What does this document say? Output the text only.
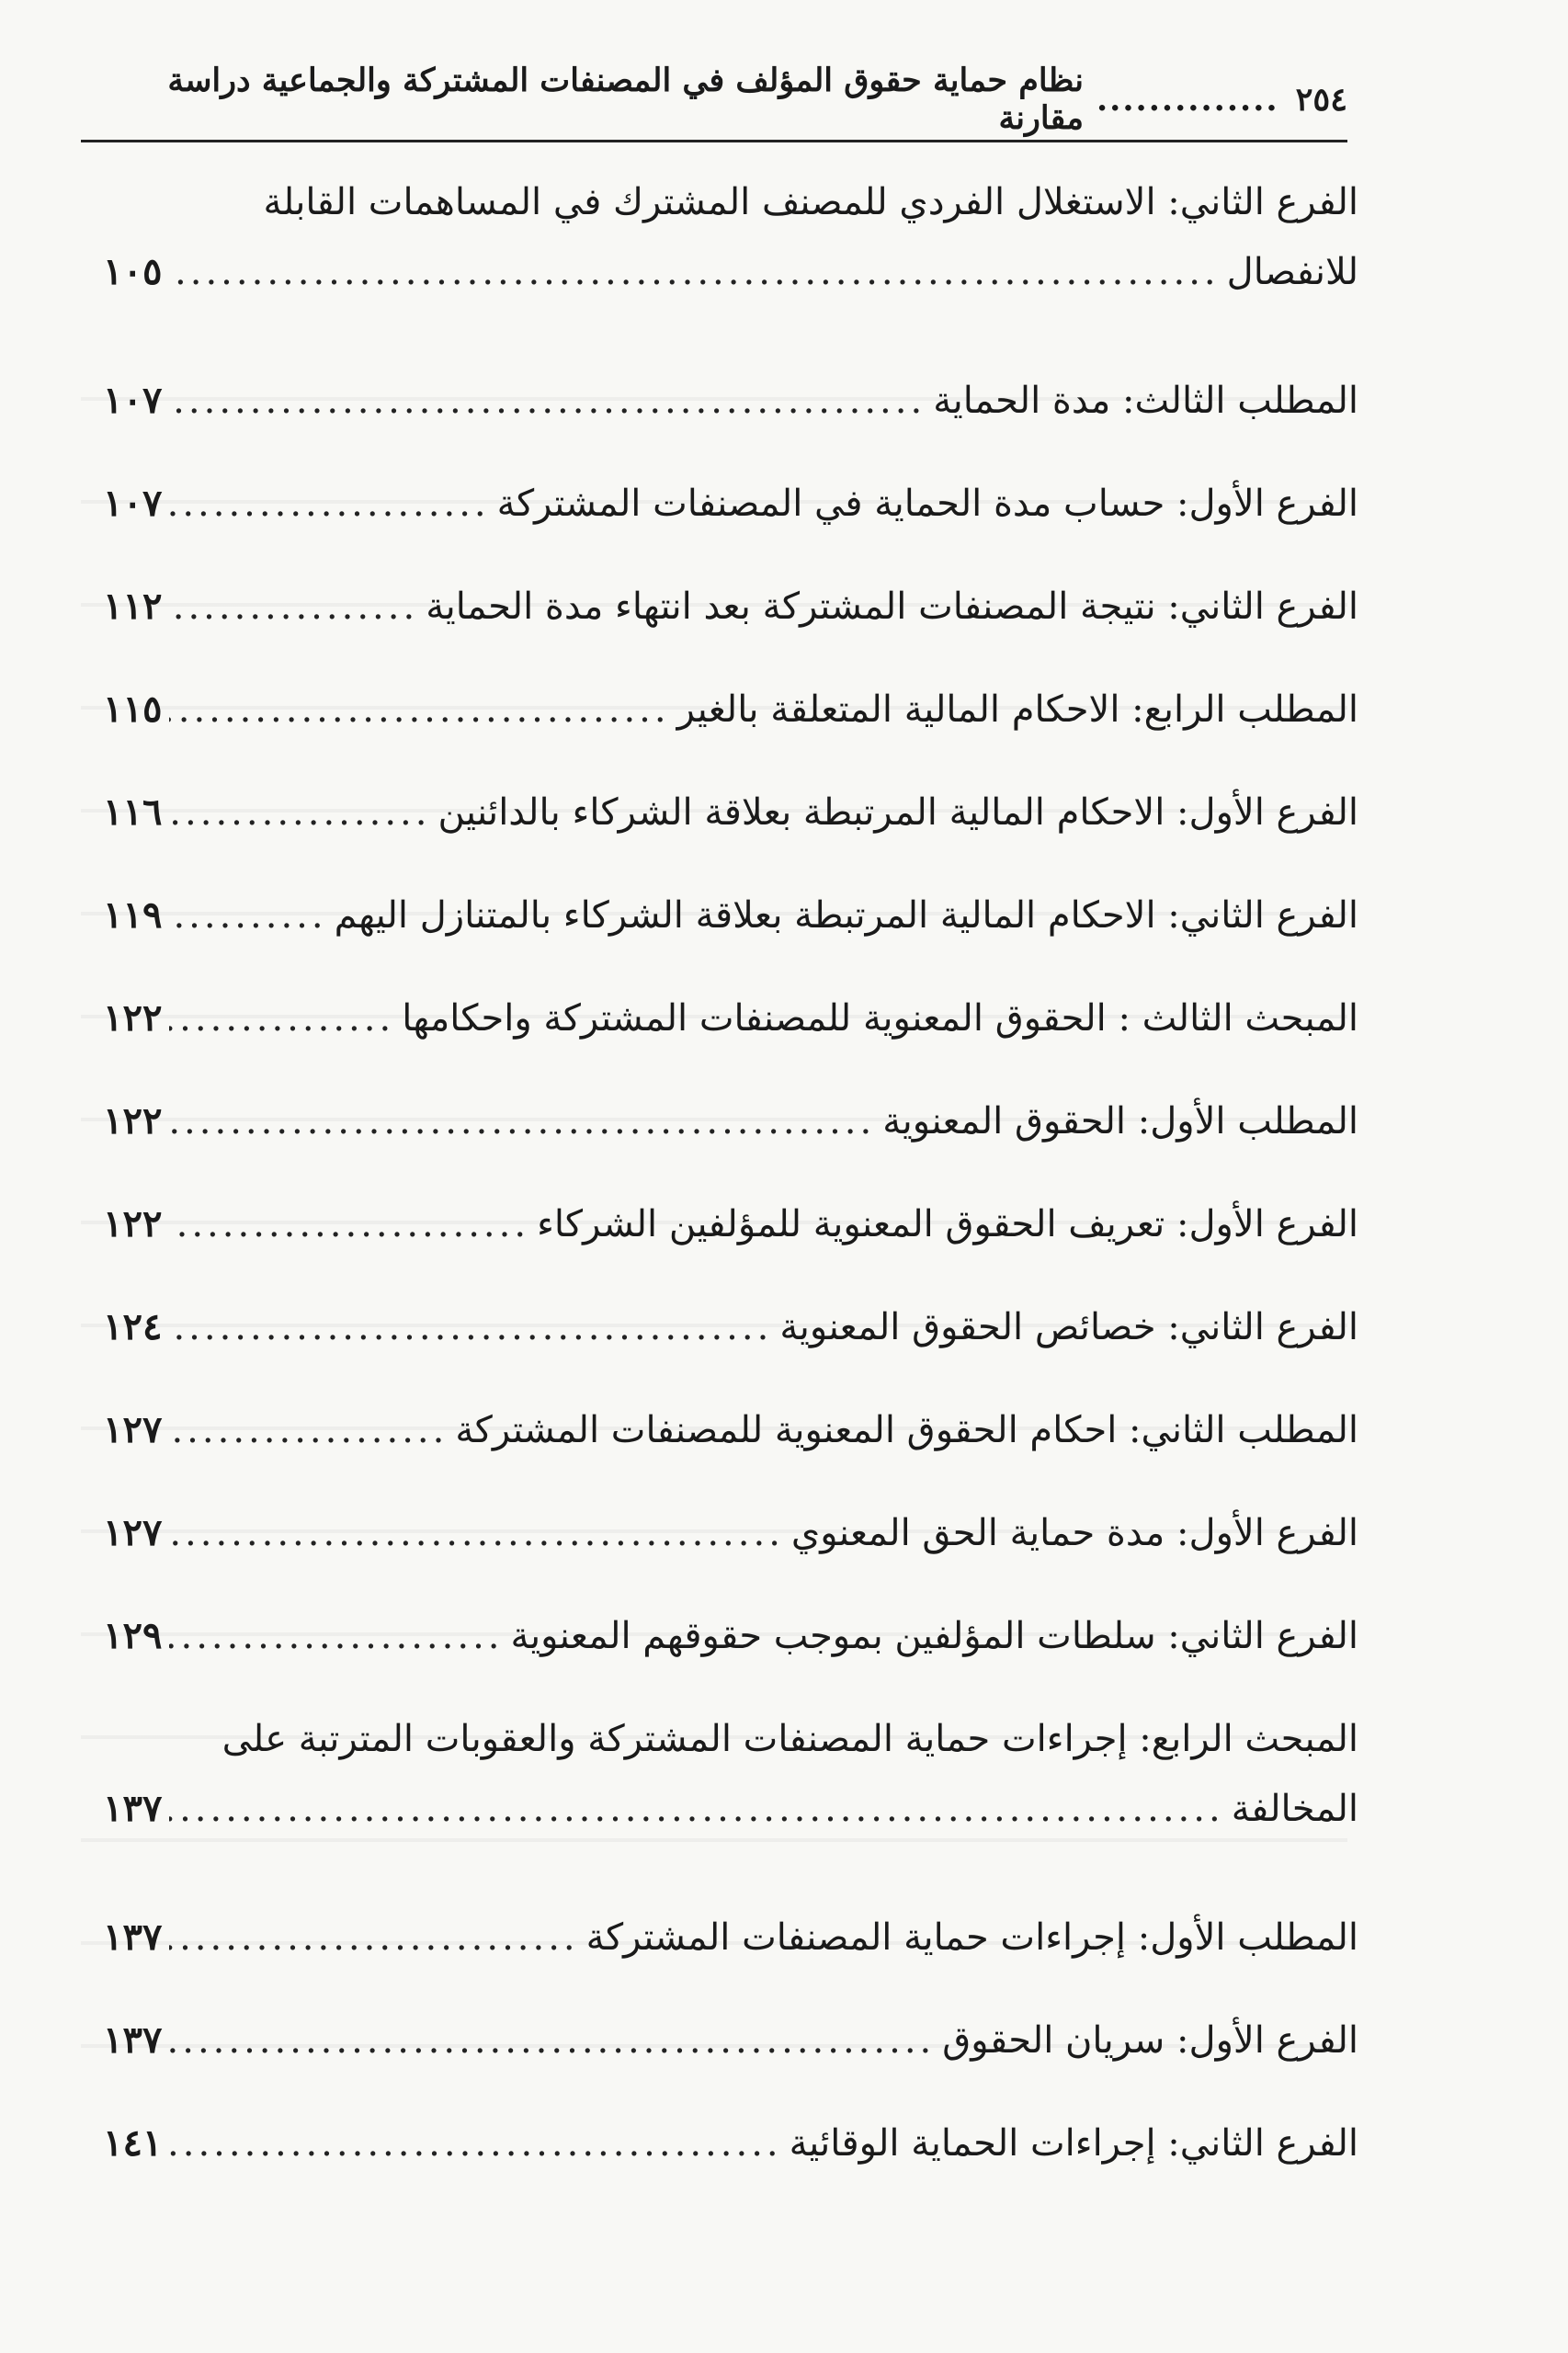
٢٥٤
..............
نظام حماية حقوق المؤلف في المصنفات المشتركة والجماعية دراسة مقارنة
الفرع الثاني: الاستغلال الفردي للمصنف المشترك في المساهمات القابلة
للانفصال
.....
١٠٥
المطلب الثالث: مدة الحماية
.....
١٠٧
الفرع الأول: حساب مدة الحماية في المصنفات المشتركة
.....
١٠٧
الفرع الثاني: نتيجة المصنفات المشتركة بعد انتهاء مدة الحماية
.....
١١٢
المطلب الرابع: الاحكام المالية المتعلقة بالغير
.....
١١٥
الفرع الأول: الاحكام المالية المرتبطة بعلاقة الشركاء بالدائنين
.....
١١٦
الفرع الثاني: الاحكام المالية المرتبطة بعلاقة الشركاء بالمتنازل اليهم
.....
١١٩
المبحث الثالث : الحقوق المعنوية للمصنفات المشتركة واحكامها
.....
١٢٢
المطلب الأول: الحقوق المعنوية
.....
١٢٢
الفرع الأول: تعريف الحقوق المعنوية للمؤلفين الشركاء
.....
١٢٢
الفرع الثاني: خصائص الحقوق المعنوية
.....
١٢٤
المطلب الثاني: احكام الحقوق المعنوية للمصنفات المشتركة
.....
١٢٧
الفرع الأول: مدة حماية الحق المعنوي
.....
١٢٧
الفرع الثاني: سلطات المؤلفين بموجب حقوقهم المعنوية
.....
١٢٩
المبحث الرابع: إجراءات حماية المصنفات المشتركة والعقوبات المترتبة على
المخالفة
.....
١٣٧
المطلب الأول: إجراءات حماية المصنفات المشتركة
.....
١٣٧
الفرع الأول: سريان الحقوق
.....
١٣٧
الفرع الثاني: إجراءات الحماية الوقائية
.....
١٤١
